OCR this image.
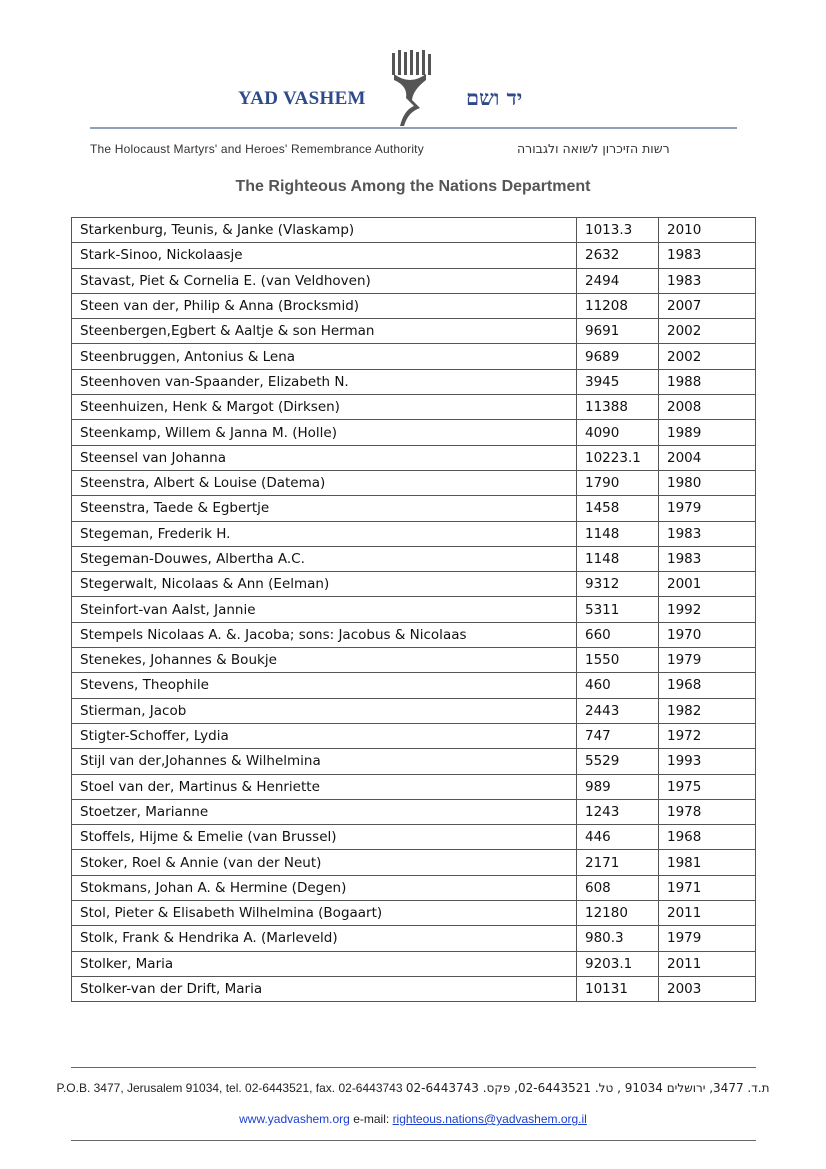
YAD VASHEM	יד ושם
The Holocaust Martyrs' and Heroes' Remembrance Authority	רשות הזיכרון לשואה ולגבורה
The Righteous Among the Nations Department
Starkenburg, Teunis, & Janke (Vlaskamp)	1013.3	2010
Stark-Sinoo, Nickolaasje	2632	1983
Stavast, Piet & Cornelia E. (van Veldhoven)	2494	1983
Steen van der, Philip & Anna (Brocksmid)	11208	2007
Steenbergen,Egbert & Aaltje & son Herman	9691	2002
Steenbruggen, Antonius & Lena	9689	2002
Steenhoven van-Spaander, Elizabeth N.	3945	1988
Steenhuizen, Henk & Margot (Dirksen)	11388	2008
Steenkamp, Willem & Janna M. (Holle)	4090	1989
Steensel van Johanna	10223.1	2004
Steenstra, Albert & Louise (Datema)	1790	1980
Steenstra, Taede & Egbertje	1458	1979
Stegeman, Frederik H.	1148	1983
Stegeman-Douwes, Albertha A.C.	1148	1983
Stegerwalt, Nicolaas & Ann (Eelman)	9312	2001
Steinfort-van Aalst, Jannie	5311	1992
Stempels Nicolaas A. &. Jacoba; sons: Jacobus & Nicolaas	660	1970
Stenekes, Johannes & Boukje	1550	1979
Stevens, Theophile	460	1968
Stierman, Jacob	2443	1982
Stigter-Schoffer, Lydia	747	1972
Stijl van der,Johannes & Wilhelmina	5529	1993
Stoel van der, Martinus & Henriette	989	1975
Stoetzer, Marianne	1243	1978
Stoffels, Hijme & Emelie (van Brussel)	446	1968
Stoker, Roel & Annie (van der Neut)	2171	1981
Stokmans, Johan A. & Hermine (Degen)	608	1971
Stol, Pieter & Elisabeth Wilhelmina (Bogaart)	12180	2011
Stolk, Frank & Hendrika A. (Marleveld)	980.3	1979
Stolker, Maria	9203.1	2011
Stolker-van der Drift, Maria	10131	2003
P.O.B. 3477, Jerusalem 91034, tel. 02-6443521, fax. 02-6443743 ת.ד. 3477, ירושלים 91034 , טל. 02-6443521, פקס. 02-6443743
www.yadvashem.org e-mail: righteous.nations@yadvashem.org.il
